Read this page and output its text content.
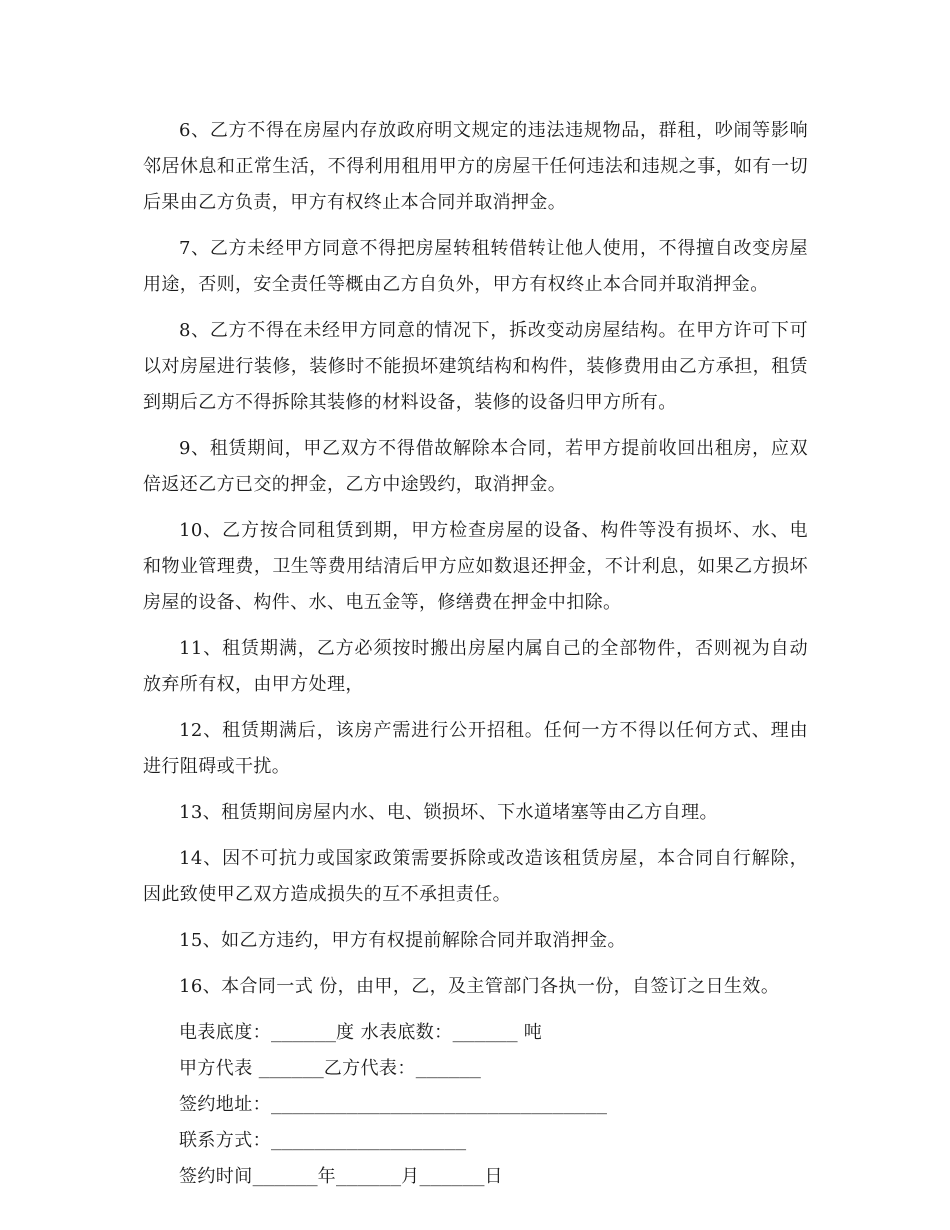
6、乙方不得在房屋内存放政府明文规定的违法违规物品，群租，吵闹等影响邻居休息和正常生活，不得利用租用甲方的房屋干任何违法和违规之事，如有一切后果由乙方负责，甲方有权终止本合同并取消押金。

7、乙方未经甲方同意不得把房屋转租转借转让他人使用，不得擅自改变房屋用途，否则，安全责任等概由乙方自负外，甲方有权终止本合同并取消押金。

8、乙方不得在未经甲方同意的情况下，拆改变动房屋结构。在甲方许可下可以对房屋进行装修，装修时不能损坏建筑结构和构件，装修费用由乙方承担，租赁到期后乙方不得拆除其装修的材料设备，装修的设备归甲方所有。

9、租赁期间，甲乙双方不得借故解除本合同，若甲方提前收回出租房，应双倍返还乙方已交的押金，乙方中途毁约，取消押金。

10、乙方按合同租赁到期，甲方检查房屋的设备、构件等没有损坏、水、电和物业管理费，卫生等费用结清后甲方应如数退还押金，不计利息，如果乙方损坏房屋的设备、构件、水、电五金等，修缮费在押金中扣除。

11、租赁期满，乙方必须按时搬出房屋内属自己的全部物件，否则视为自动放弃所有权，由甲方处理，

12、租赁期满后，该房产需进行公开招租。任何一方不得以任何方式、理由进行阻碍或干扰。

13、租赁期间房屋内水、电、锁损坏、下水道堵塞等由乙方自理。

14、因不可抗力或国家政策需要拆除或改造该租赁房屋，本合同自行解除，因此致使甲乙双方造成损失的互不承担责任。

15、如乙方违约，甲方有权提前解除合同并取消押金。

16、本合同一式 份，由甲，乙，及主管部门各执一份，自签订之日生效。

电表底度：______度 水表底数：______ 吨
甲方代表 ______乙方代表：______
签约地址：_______________________________
联系方式：__________________
签约时间______年______月______日
